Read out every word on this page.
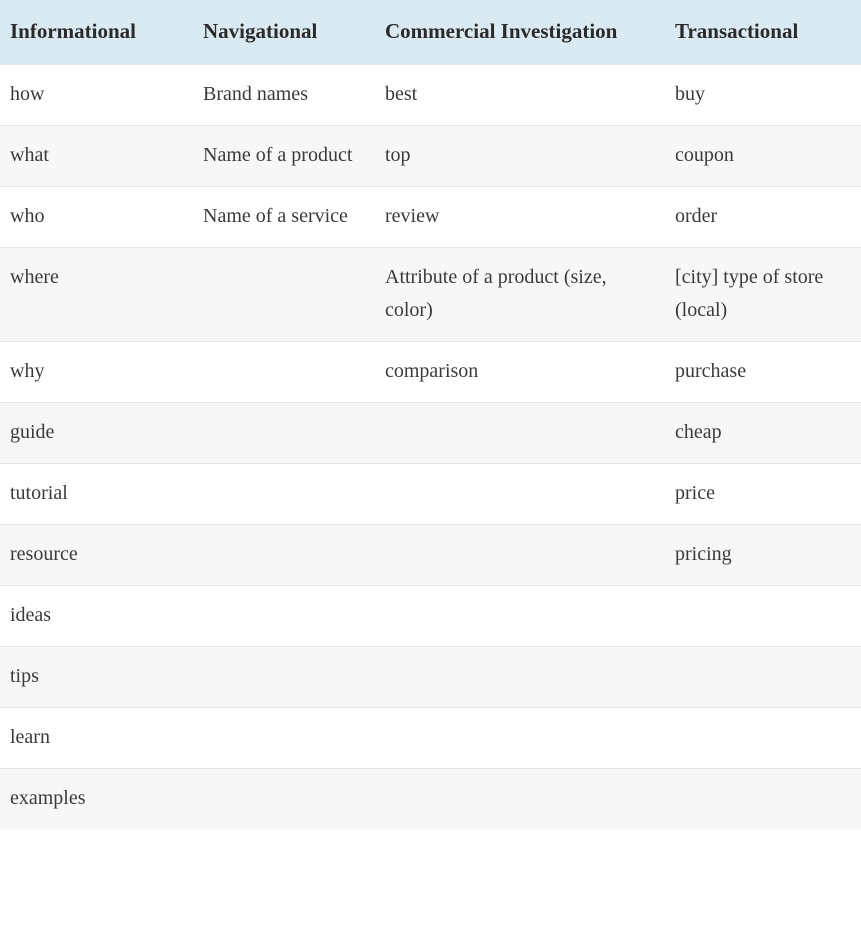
Informational	Navigational	Commercial Investigation	Transactional
how	Brand names	best	buy
what	Name of a product	top	coupon
who	Name of a service	review	order
where		Attribute of a product (size, color)	[city] type of store (local)
why		comparison	purchase
guide			cheap
tutorial			price
resource			pricing
ideas			
tips			
learn			
examples			
